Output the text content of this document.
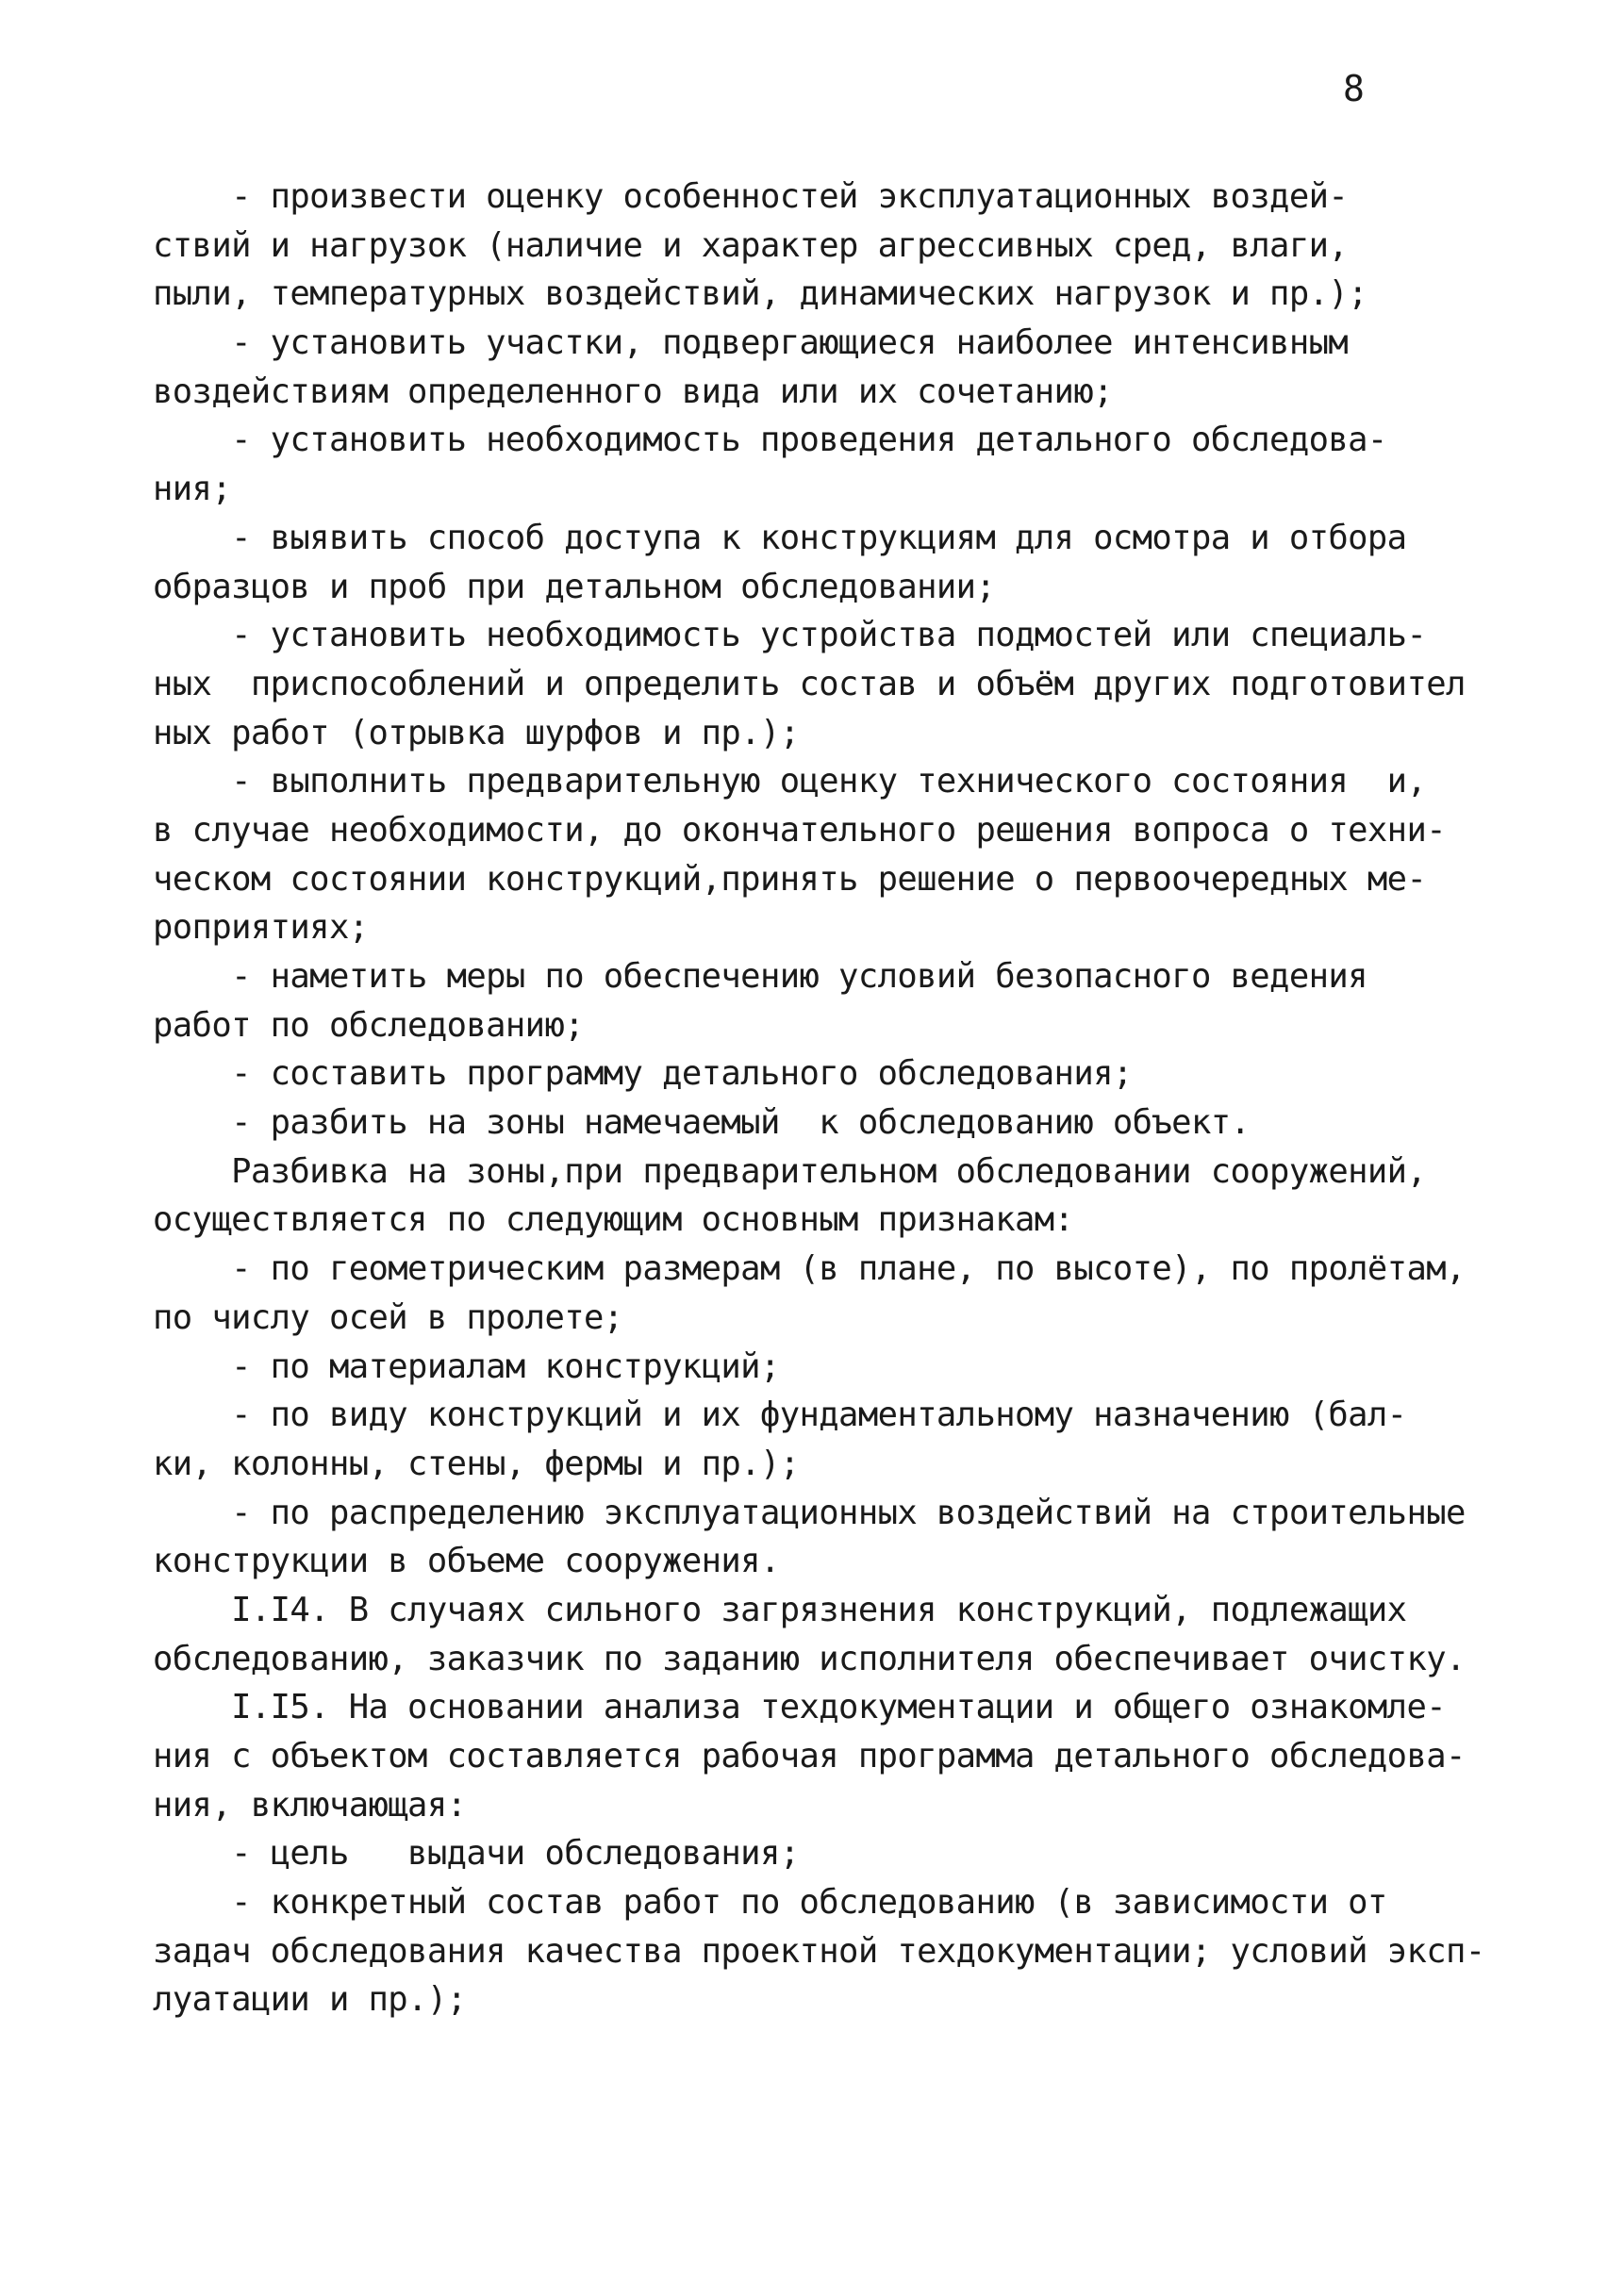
8
- произвести оценку особенностей эксплуатационных воздей-
ствий и нагрузок (наличие и характер агрессивных сред, влаги,
пыли, температурных воздействий, динамических нагрузок и пр.);
- установить участки, подвергающиеся наиболее интенсивным
воздействиям определенного вида или их сочетанию;
- установить необходимость проведения детального обследова-
ния;
- выявить способ доступа к конструкциям для осмотра и отбора
образцов и проб при детальном обследовании;
- установить необходимость устройства подмостей или специаль-
ных  приспособлений и определить состав и объём других подготовител
ных работ (отрывка шурфов и пр.);
- выполнить предварительную оценку технического состояния  и,
в случае необходимости, до окончательного решения вопроса о техни-
ческом состоянии конструкций,принять решение о первоочередных ме-
роприятиях;
- наметить меры по обеспечению условий безопасного ведения
работ по обследованию;
- составить программу детального обследования;
- разбить на зоны намечаемый  к обследованию объект.
Разбивка на зоны,при предварительном обследовании сооружений,
осуществляется по следующим основным признакам:
- по геометрическим размерам (в плане, по высоте), по пролётам,
по числу осей в пролете;
- по материалам конструкций;
- по виду конструкций и их фундаментальному назначению (бал-
ки, колонны, стены, фермы и пр.);
- по распределению эксплуатационных воздействий на строительные
конструкции в объеме сооружения.
I.I4. В случаях сильного загрязнения конструкций, подлежащих
обследованию, заказчик по заданию исполнителя обеспечивает очистку.
I.I5. На основании анализа техдокументации и общего ознакомле-
ния с объектом составляется рабочая программа детального обследова-
ния, включающая:
- цель   выдачи обследования;
- конкретный состав работ по обследованию (в зависимости от
задач обследования качества проектной техдокументации; условий эксп-
луатации и пр.);
